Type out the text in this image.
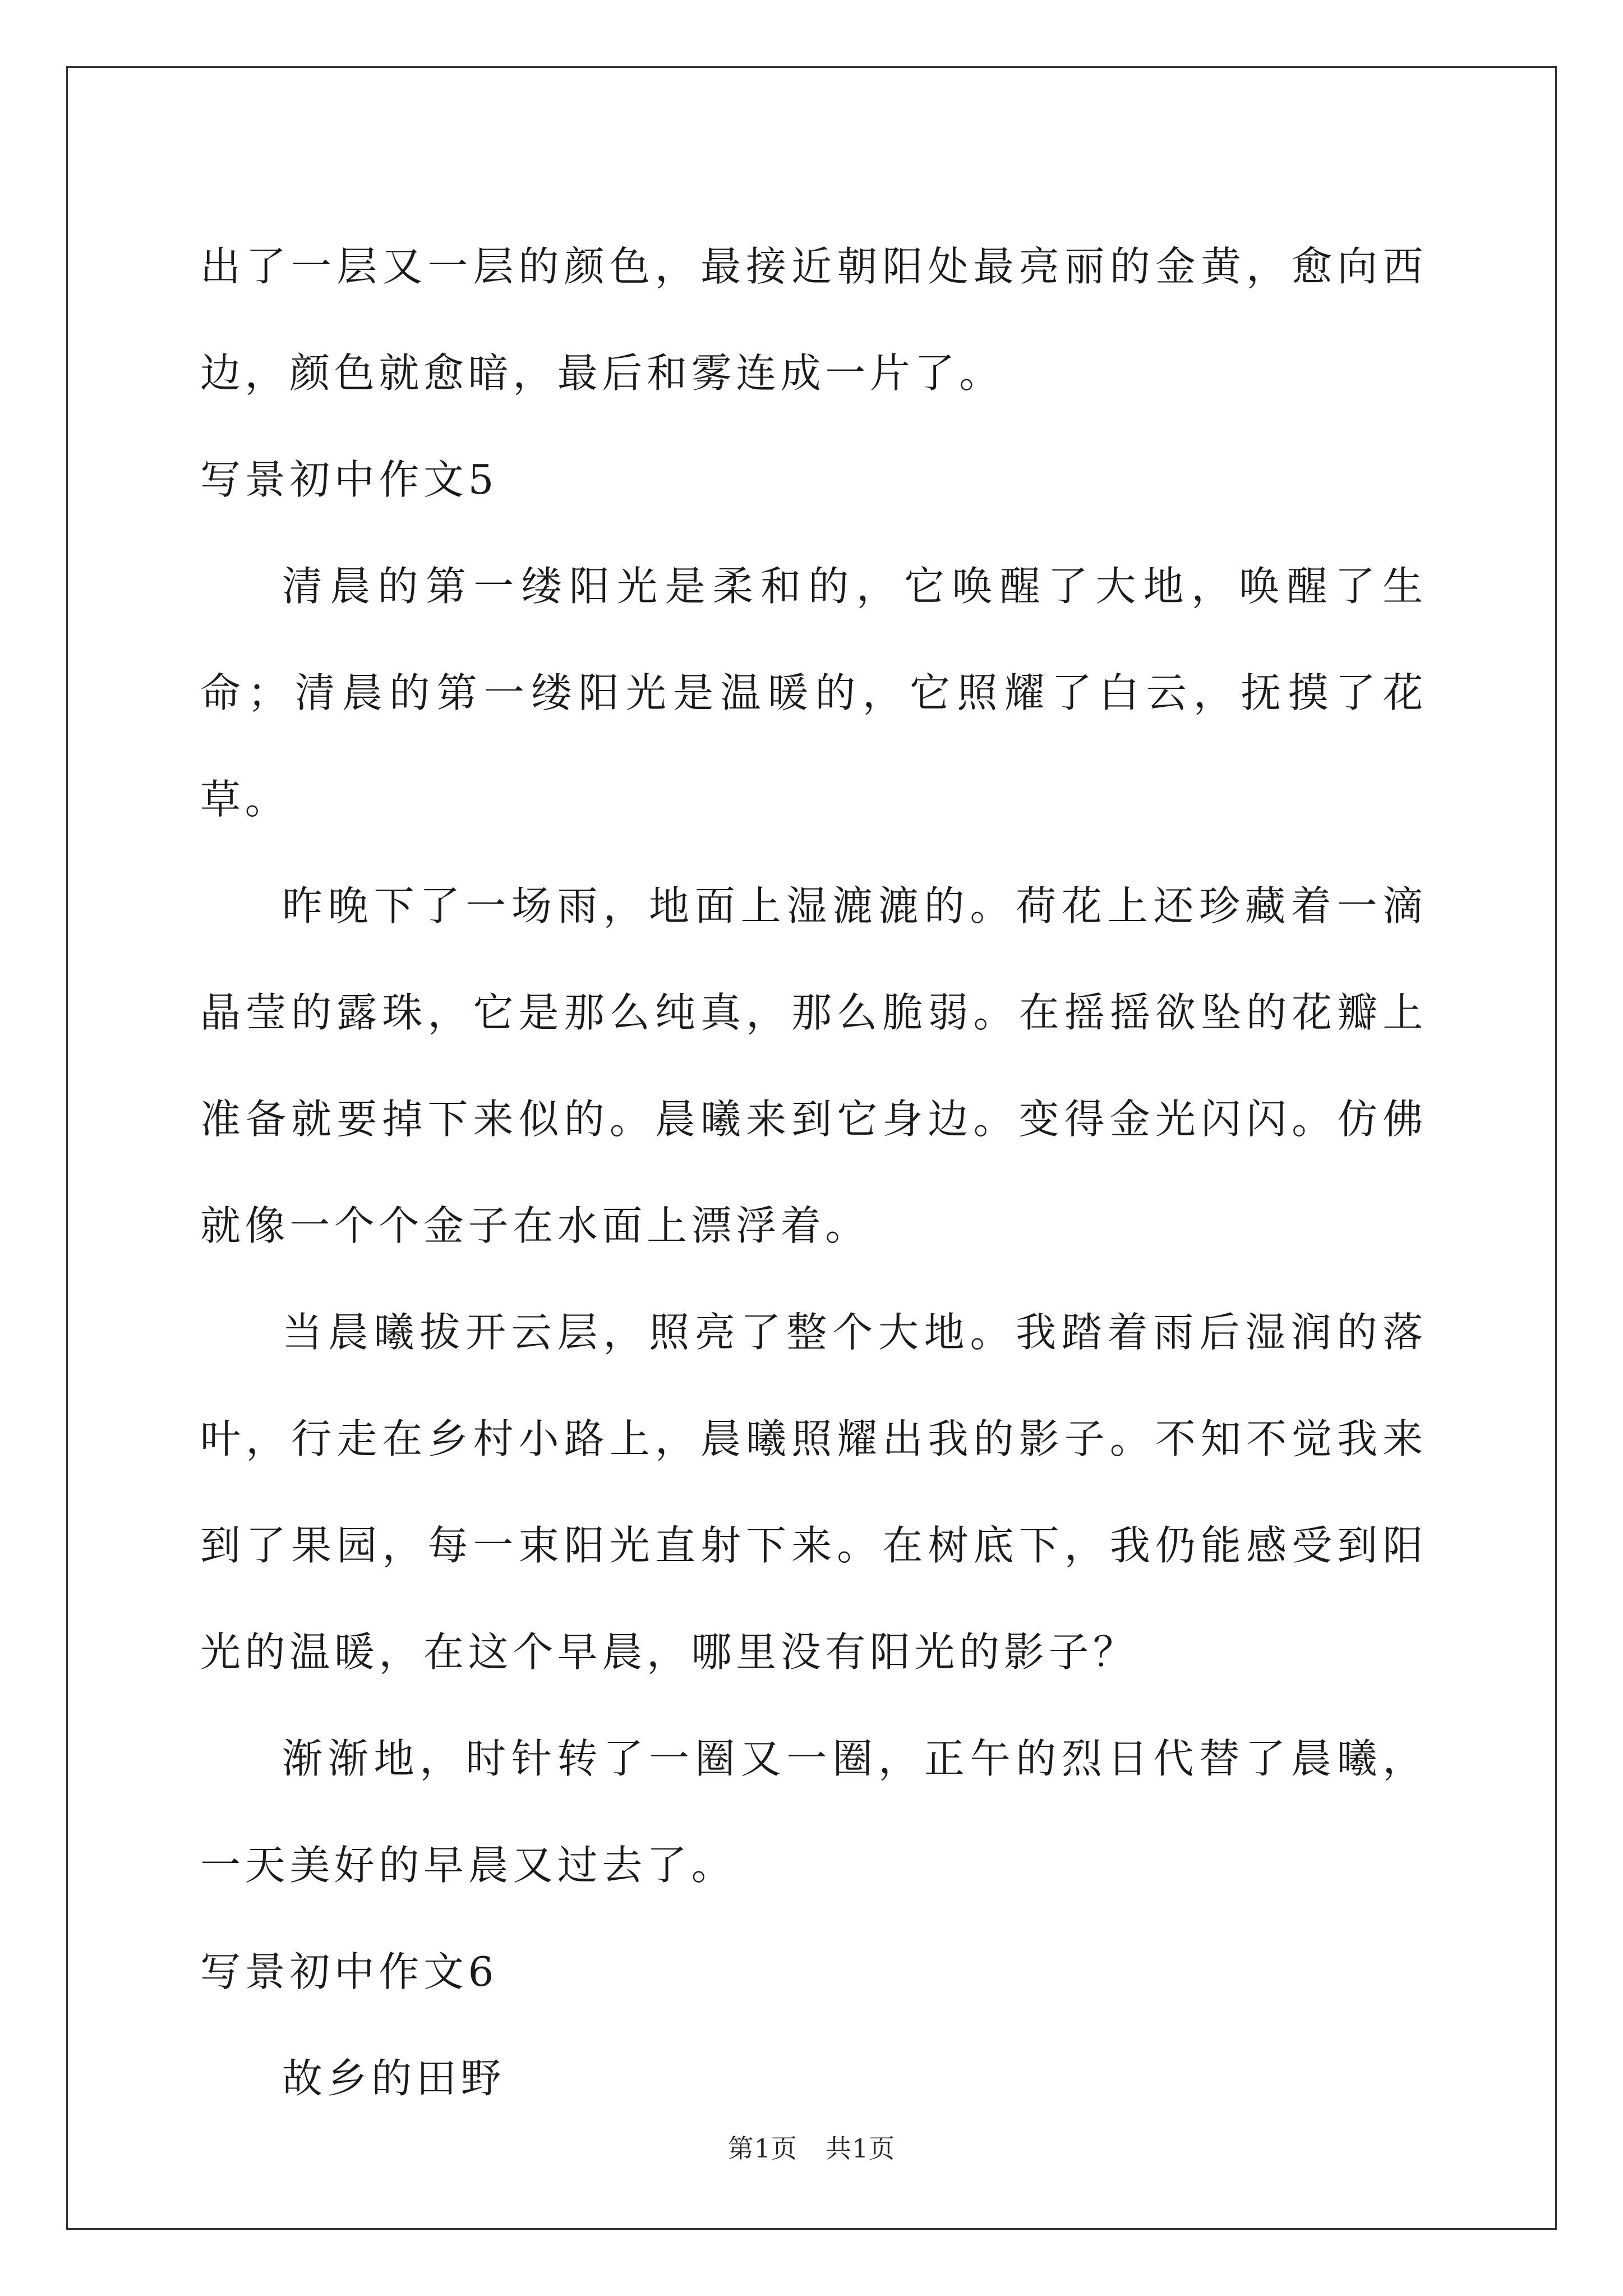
出了一层又一层的颜色，最接近朝阳处最亮丽的金黄，愈向西边，颜色就愈暗，最后和雾连成一片了。

写景初中作文5

清晨的第一缕阳光是柔和的，它唤醒了大地，唤醒了生命；清晨的第一缕阳光是温暖的，它照耀了白云，抚摸了花草。

昨晚下了一场雨，地面上湿漉漉的。荷花上还珍藏着一滴晶莹的露珠，它是那么纯真，那么脆弱。在摇摇欲坠的花瓣上准备就要掉下来似的。晨曦来到它身边。变得金光闪闪。仿佛就像一个个金子在水面上漂浮着。

当晨曦拔开云层，照亮了整个大地。我踏着雨后湿润的落叶，行走在乡村小路上，晨曦照耀出我的影子。不知不觉我来到了果园，每一束阳光直射下来。在树底下，我仍能感受到阳光的温暖，在这个早晨，哪里没有阳光的影子？

渐渐地，时针转了一圈又一圈，正午的烈日代替了晨曦，一天美好的早晨又过去了。

写景初中作文6

故乡的田野

第1页 共1页
